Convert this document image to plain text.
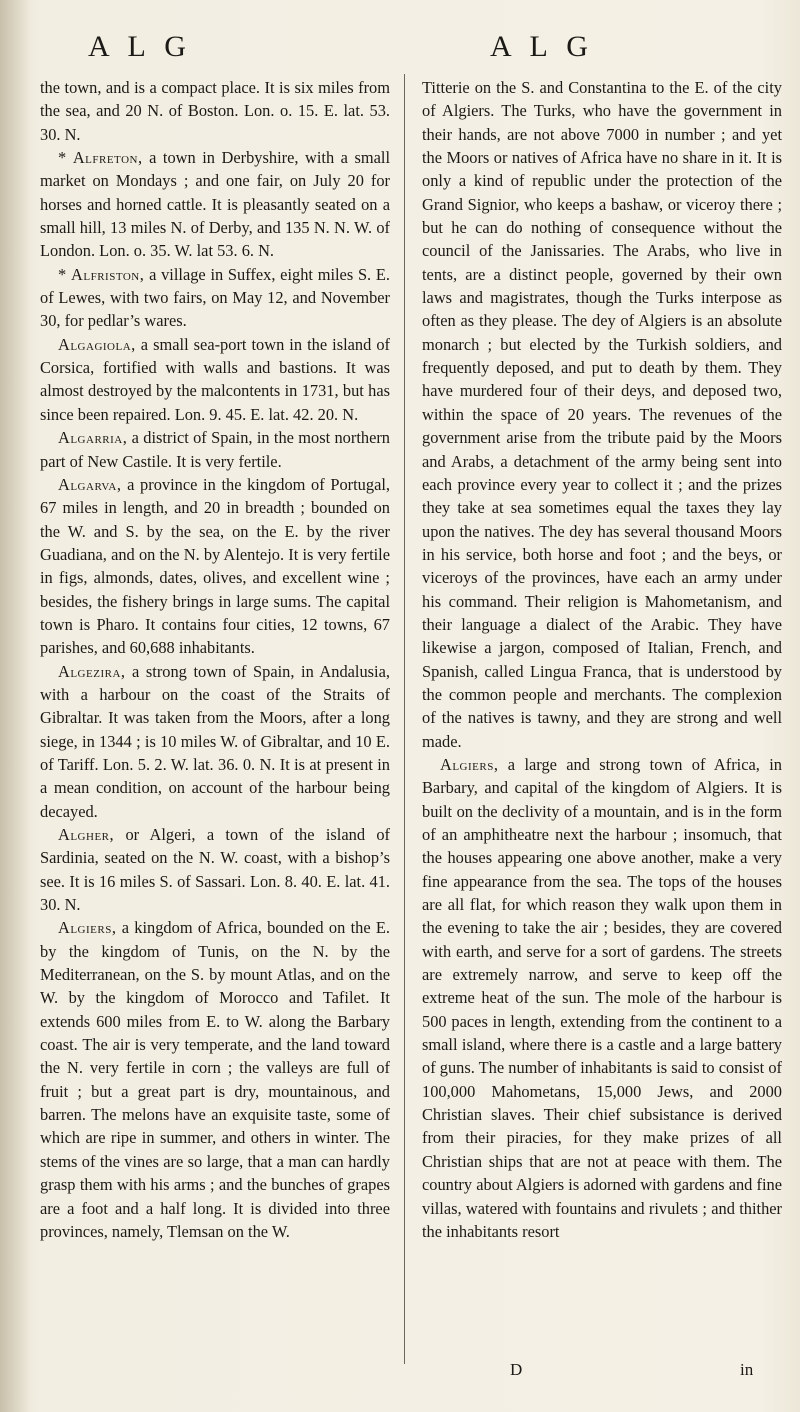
A L G	A L G

the town, and is a compact place. It is six miles from the sea, and 20 N. of Boston. Lon. o. 15. E. lat. 53. 30. N.

* Alfreton, a town in Derbyshire, with a small market on Mondays ; and one fair, on July 20 for horses and horned cattle. It is pleasantly seated on a small hill, 13 miles N. of Derby, and 135 N. N. W. of London. Lon. o. 35. W. lat 53. 6. N.

* Alfriston, a village in Suffex, eight miles S. E. of Lewes, with two fairs, on May 12, and November 30, for pedlar’s wares.

Algagiola, a small sea-port town in the island of Corsica, fortified with walls and bastions. It was almost destroyed by the malcontents in 1731, but has since been repaired. Lon. 9. 45. E. lat. 42. 20. N.

Algarria, a district of Spain, in the most northern part of New Castile. It is very fertile.

Algarva, a province in the kingdom of Portugal, 67 miles in length, and 20 in breadth ; bounded on the W. and S. by the sea, on the E. by the river Guadiana, and on the N. by Alentejo. It is very fertile in figs, almonds, dates, olives, and excellent wine ; besides, the fishery brings in large sums. The capital town is Pharo. It contains four cities, 12 towns, 67 parishes, and 60,688 inhabitants.

Algezira, a strong town of Spain, in Andalusia, with a harbour on the coast of the Straits of Gibraltar. It was taken from the Moors, after a long siege, in 1344 ; is 10 miles W. of Gibraltar, and 10 E. of Tariff. Lon. 5. 2. W. lat. 36. 0. N. It is at present in a mean condition, on account of the harbour being decayed.

Algher, or Algeri, a town of the island of Sardinia, seated on the N. W. coast, with a bishop’s see. It is 16 miles S. of Sassari. Lon. 8. 40. E. lat. 41. 30. N.

Algiers, a kingdom of Africa, bounded on the E. by the kingdom of Tunis, on the N. by the Mediterranean, on the S. by mount Atlas, and on the W. by the kingdom of Morocco and Tafilet. It extends 600 miles from E. to W. along the Barbary coast. The air is very temperate, and the land toward the N. very fertile in corn ; the valleys are full of fruit ; but a great part is dry, mountainous, and barren. The melons have an exquisite taste, some of which are ripe in summer, and others in winter. The stems of the vines are so large, that a man can hardly grasp them with his arms ; and the bunches of grapes are a foot and a half long. It is divided into three provinces, namely, Tlemsan on the W.

Titterie on the S. and Constantina to the E. of the city of Algiers. The Turks, who have the government in their hands, are not above 7000 in number ; and yet the Moors or natives of Africa have no share in it. It is only a kind of republic under the protection of the Grand Signior, who keeps a bashaw, or viceroy there ; but he can do nothing of consequence without the council of the Janissaries. The Arabs, who live in tents, are a distinct people, governed by their own laws and magistrates, though the Turks interpose as often as they please. The dey of Algiers is an absolute monarch ; but elected by the Turkish soldiers, and frequently deposed, and put to death by them. They have murdered four of their deys, and deposed two, within the space of 20 years. The revenues of the government arise from the tribute paid by the Moors and Arabs, a detachment of the army being sent into each province every year to collect it ; and the prizes they take at sea sometimes equal the taxes they lay upon the natives. The dey has several thousand Moors in his service, both horse and foot ; and the beys, or viceroys of the provinces, have each an army under his command. Their religion is Mahometanism, and their language a dialect of the Arabic. They have likewise a jargon, composed of Italian, French, and Spanish, called Lingua Franca, that is understood by the common people and merchants. The complexion of the natives is tawny, and they are strong and well made.

Algiers, a large and strong town of Africa, in Barbary, and capital of the kingdom of Algiers. It is built on the declivity of a mountain, and is in the form of an amphitheatre next the harbour ; insomuch, that the houses appearing one above another, make a very fine appearance from the sea. The tops of the houses are all flat, for which reason they walk upon them in the evening to take the air ; besides, they are covered with earth, and serve for a sort of gardens. The streets are extremely narrow, and serve to keep off the extreme heat of the sun. The mole of the harbour is 500 paces in length, extending from the continent to a small island, where there is a castle and a large battery of guns. The number of inhabitants is said to consist of 100,000 Mahometans, 15,000 Jews, and 2000 Christian slaves. Their chief subsistance is derived from their piracies, for they make prizes of all Christian ships that are not at peace with them. The country about Algiers is adorned with gardens and fine villas, watered with fountains and rivulets ; and thither the inhabitants resort

D	in
